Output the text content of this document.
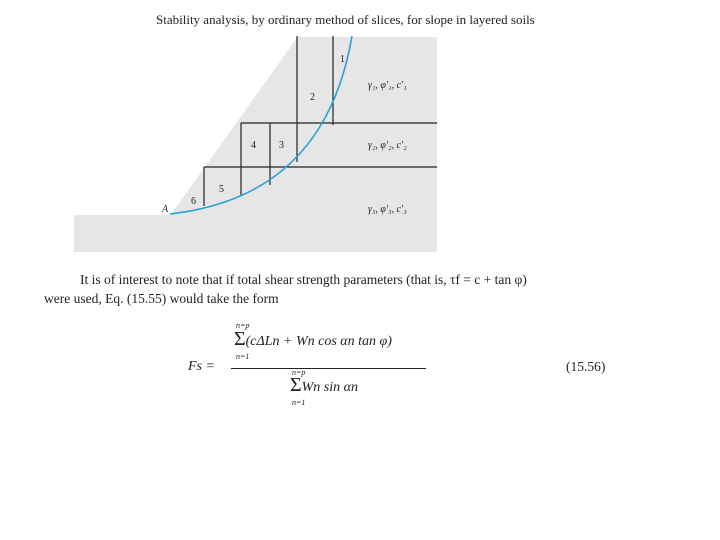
Stability analysis, by ordinary method of slices, for slope in layered soils
A
1
2
3
4
5
6
γ₁, φ′₁, c′₁
γ₂, φ′₂, c′₂
γ₃, φ′₃, c′₃
It is of interest to note that if total shear strength parameters (that is, τf = c + tan φ)
were used, Eq. (15.55) would take the form
Fs =
n=p
Σ(cΔLn + Wn cos αn tan φ)
n=1
n=p
ΣWn sin αn
n=1
(15.56)
